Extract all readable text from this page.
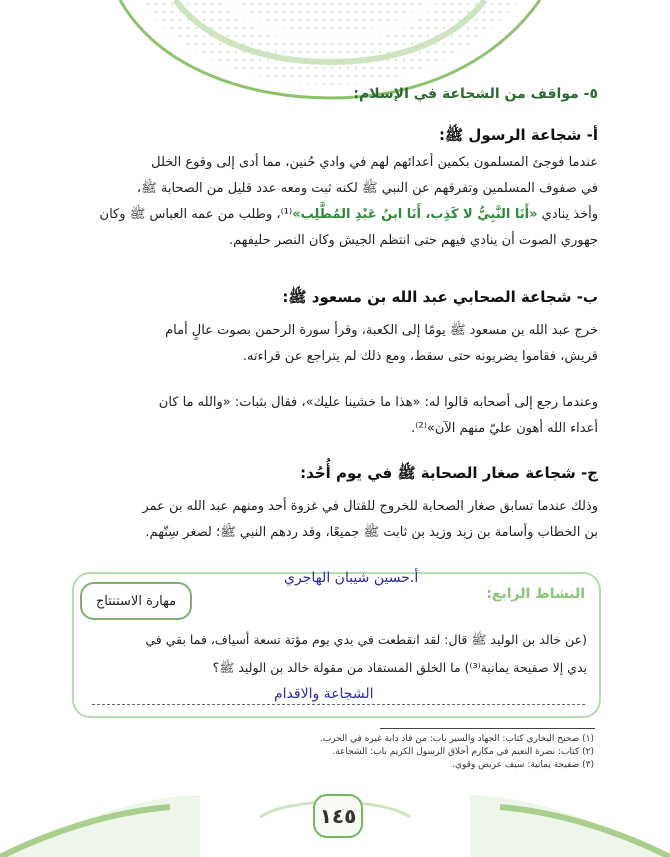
٥- مواقف من الشجاعة في الإسلام:
أ- شجاعة الرسول ﷺ:
عندما فوجئ المسلمون بكمين أعدائهم لهم في وادي حُنين، مما أدى إلى وقوع الخلل
في صفوف المسلمين وتفرقهم عن النبي ﷺ لكنه ثبت ومعه عدد قليل من الصحابة ﷺ،
وأخذ ينادي «أَنَا النَّبِيُّ لا كَذِب، أَنَا ابنُ عَبْدِ المُطَّلِب»⁽¹⁾، وطلب من عمه العباس ﷺ وكان
جهوري الصوت أن ينادي فيهم حتى انتظم الجيش وكان النصر حليفهم.
ب- شجاعة الصحابي عبد الله بن مسعود ﷺ:
خرج عبد الله بن مسعود ﷺ يومًا إلى الكعبة، وقرأ سورة الرحمن بصوت عالٍ أمام
قريش، فقاموا يضربونه حتى سقط، ومع ذلك لم يتراجع عن قراءته.
وعندما رجع إلى أصحابه قالوا له: «هذا ما خشينا عليك»، فقال بثبات: «والله ما كان
أعداء الله أهون عليّ منهم الآن»⁽²⁾.
ج- شجاعة صغار الصحابة ﷺ في يوم أُحُد:
وذلك عندما تسابق صغار الصحابة للخروج للقتال في غزوة أحد ومنهم عبد الله بن عمر
بن الخطاب وأسامة بن زيد وزيد بن ثابت ﷺ جميعًا، وقد ردهم النبي ﷺ؛ لصغر سِنّهم.
النشاط الرابع:
مهارة الاستنتاج
أ.حسين شيبان الهاجري
(عن خالد بن الوليد ﷺ قال: لقد انقطعت في يدي يوم مؤتة تسعة أسياف، فما بقي في
يدي إلا صفيحة يمانية⁽³⁾) ما الخلق المستفاد من مقولة خالد بن الوليد ﷺ؟
الشجاعة والاقدام
(١) صحيح البخاري كتاب: الجهاد والسير باب: من قاد دابة غيره في الحرب.
(٢) كتاب: نضرة النعيم في مكارم أخلاق الرسول الكريم باب: الشجاعة.
(٣) صفيحة يمانية: سيف عريض وقوي.
١٤٥
